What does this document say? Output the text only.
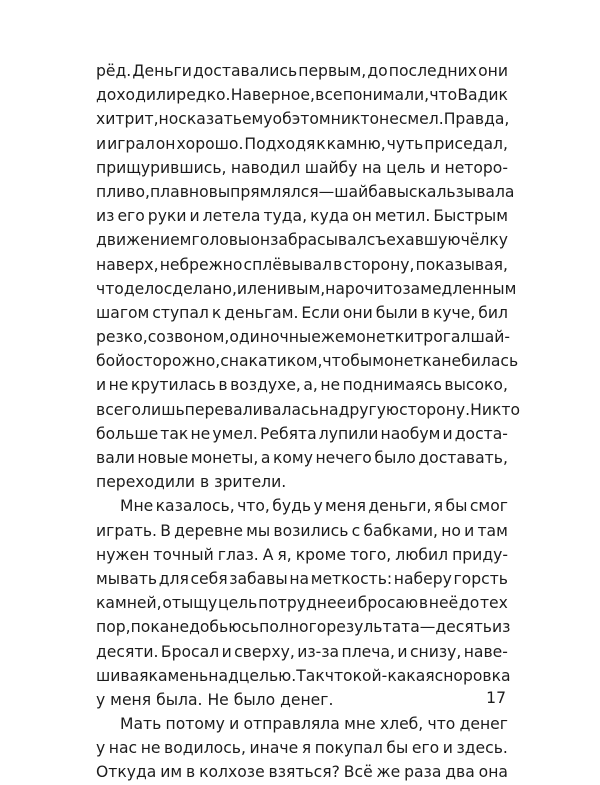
рёд. Деньги доставались первым, до последних они
доходили редко. Наверное, все понимали, что Вадик
хитрит, но сказать ему об этом никто не смел. Правда,
и играл он хорошо. Подходя к камню, чуть приседал,
прищурившись, наводил шайбу на цель и неторо-
пливо, плавно выпрямлялся — шайба выскальзывала
из его руки и летела туда, куда он метил. Быстрым
движением головы он забрасывал съехавшую чёлку
наверх, небрежно сплёвывал в сторону, показывая,
что дело сделано, и ленивым, нарочито замедленным
шагом ступал к деньгам. Если они были в куче, бил
резко, со звоном, одиночные же монетки трогал шай-
бой осторожно, с накатиком, чтобы монетка не билась
и не крутилась в воздухе, а, не поднимаясь высоко,
всего лишь переваливалась на другую сторону. Никто
больше так не умел. Ребята лупили наобум и доста-
вали новые монеты, а кому нечего было доставать,
переходили в зрители.
Мне казалось, что, будь у меня деньги, я бы смог
играть. В деревне мы возились с бабками, но и там
нужен точный глаз. А я, кроме того, любил приду-
мывать для себя забавы на меткость: наберу горсть
камней, отыщу цель потруднее и бросаю в неё до тех
пор, пока не добьюсь полного результата — десять из
десяти. Бросал и сверху, из-за плеча, и снизу, наве-
шивая камень над целью. Так что кой-какая сноровка
у меня была. Не было денег.
Мать потому и отправляла мне хлеб, что денег
у нас не водилось, иначе я покупал бы его и здесь.
Откуда им в колхозе взяться? Всё же раза два она
17
